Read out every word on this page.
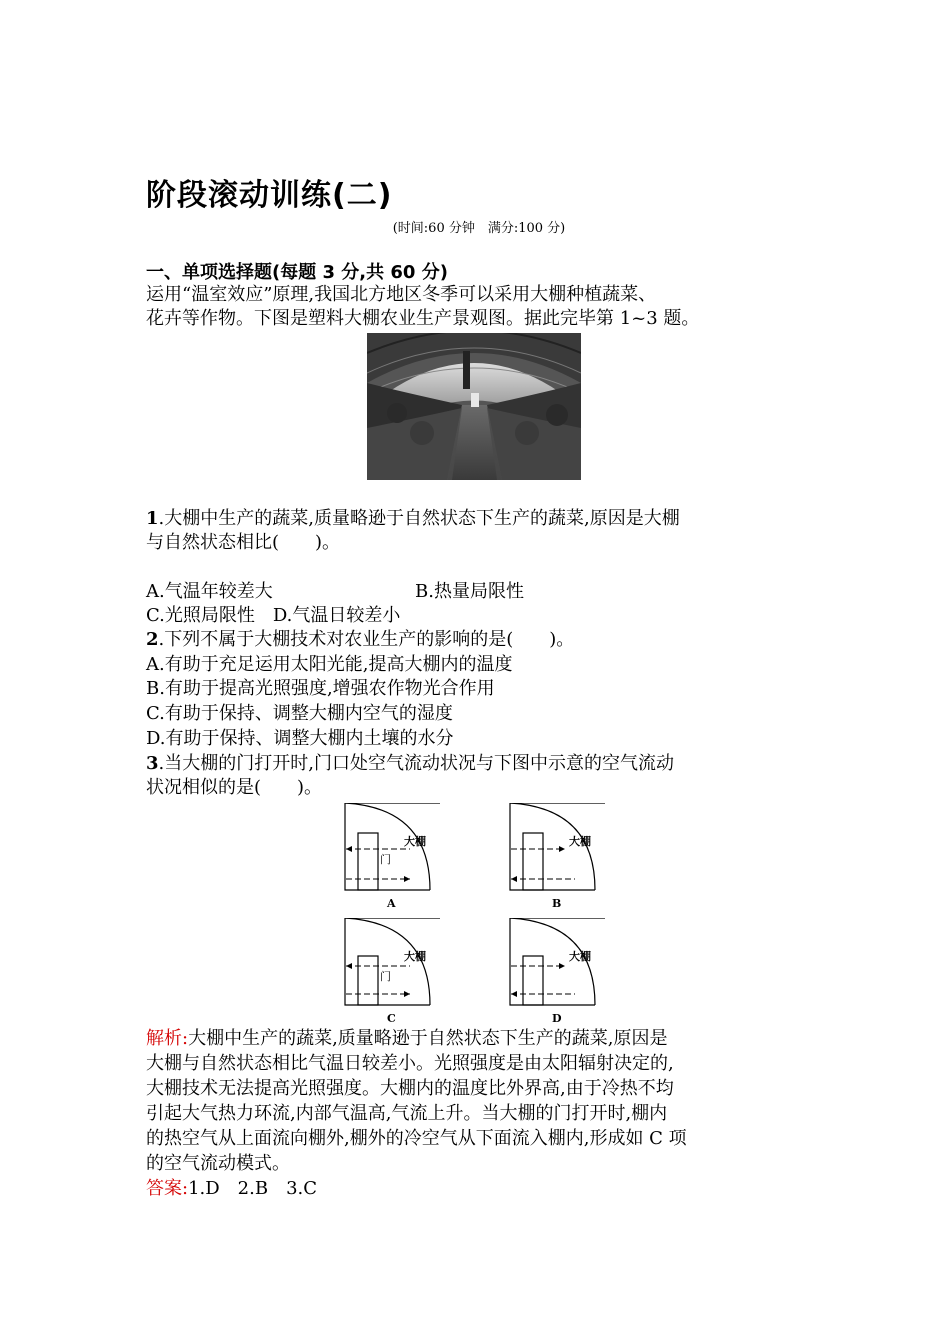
阶段滚动训练(二)
(时间:60 分钟　满分:100 分)
一、单项选择题(每题 3 分,共 60 分)

运用“温室效应”原理,我国北方地区冬季可以采用大棚种植蔬菜、

花卉等作物。下图是塑料大棚农业生产景观图。据此完毕第 1~3 题。

1.大棚中生产的蔬菜,质量略逊于自然状态下生产的蔬菜,原因是大棚

与自然状态相比(　　)。

A.气温年较差大	B.热量局限性
C.光照局限性　D.气温日较差小

2.下列不属于大棚技术对农业生产的影响的是(　　)。

A.有助于充足运用太阳光能,提高大棚内的温度
B.有助于提高光照强度,增强农作物光合作用
C.有助于保持、调整大棚内空气的湿度
D.有助于保持、调整大棚内土壤的水分

3.当大棚的门打开时,门口处空气流动状况与下图中示意的空气流动

状况相似的是(　　)。

大棚
门
A
大棚
B
大棚
门
C
大棚
D

解析:大棚中生产的蔬菜,质量略逊于自然状态下生产的蔬菜,原因是

大棚与自然状态相比气温日较差小。光照强度是由太阳辐射决定的,

大棚技术无法提高光照强度。大棚内的温度比外界高,由于冷热不均

引起大气热力环流,内部气温高,气流上升。当大棚的门打开时,棚内

的热空气从上面流向棚外,棚外的冷空气从下面流入棚内,形成如 C 项

的空气流动模式。

答案:1.D　2.B　3.C
